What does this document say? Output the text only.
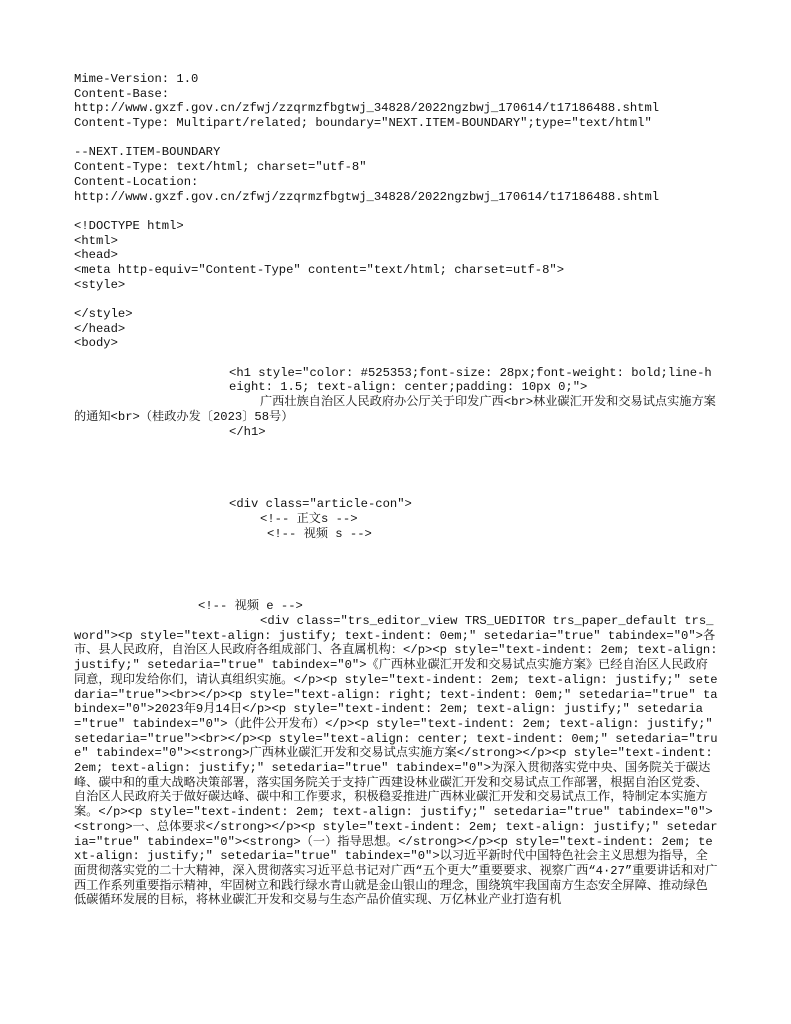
Mime-Version: 1.0
Content-Base:
http://www.gxzf.gov.cn/zfwj/zzqrmzfbgtwj_34828/2022ngzbwj_170614/t17186488.shtml
Content-Type: Multipart/related; boundary="NEXT.ITEM-BOUNDARY";type="text/html"
--NEXT.ITEM-BOUNDARY
Content-Type: text/html; charset="utf-8"
Content-Location:
http://www.gxzf.gov.cn/zfwj/zzqrmzfbgtwj_34828/2022ngzbwj_170614/t17186488.shtml
<!DOCTYPE html>
<html>
<head>
<meta http-equiv="Content-Type" content="text/html; charset=utf-8">
<style>
</style>
</head>
<body>
<h1 style="color: #525353;font-size: 28px;font-weight: bold;line-height: 1.5; text-align: center;padding: 10px 0;">
广西壮族自治区人民政府办公厅关于印发广西<br>林业碳汇开发和交易试点实施方案的通知<br>（桂政办发〔2023〕58号）
</h1>
<div class="article-con">
<!-- 正文s -->
<!-- 视频 s -->
<!-- 视频 e -->
<div class="trs_editor_view TRS_UEDITOR trs_paper_default trs_word"><p style="text-align: justify; text-indent: 0em;" setedaria="true" tabindex="0">各市、县人民政府，自治区人民政府各组成部门、各直属机构：</p><p style="text-indent: 2em; text-align: justify;" setedaria="true" tabindex="0">《广西林业碳汇开发和交易试点实施方案》已经自治区人民政府同意，现印发给你们，请认真组织实施。</p><p style="text-indent: 2em; text-align: justify;" setedaria="true"><br></p><p style="text-align: right; text-indent: 0em;" setedaria="true" tabindex="0">2023年9月14日</p><p style="text-indent: 2em; text-align: justify;" setedaria="true" tabindex="0">（此件公开发布）</p><p style="text-indent: 2em; text-align: justify;" setedaria="true"><br></p><p style="text-align: center; text-indent: 0em;" setedaria="true" tabindex="0"><strong>广西林业碳汇开发和交易试点实施方案</strong></p><p style="text-indent: 2em; text-align: justify;" setedaria="true" tabindex="0">为深入贯彻落实党中央、国务院关于碳达峰、碳中和的重大战略决策部署，落实国务院关于支持广西建设林业碳汇开发和交易试点工作部署，根据自治区党委、自治区人民政府关于做好碳达峰、碳中和工作要求，积极稳妥推进广西林业碳汇开发和交易试点工作，特制定本实施方案。</p><p style="text-indent: 2em; text-align: justify;" setedaria="true" tabindex="0"><strong>一、总体要求</strong></p><p style="text-indent: 2em; text-align: justify;" setedaria="true" tabindex="0"><strong>（一）指导思想。</strong></p><p style="text-indent: 2em; text-align: justify;" setedaria="true" tabindex="0">以习近平新时代中国特色社会主义思想为指导，全面贯彻落实党的二十大精神，深入贯彻落实习近平总书记对广西“五个更大”重要要求、视察广西“4·27”重要讲话和对广西工作系列重要指示精神，牢固树立和践行绿水青山就是金山银山的理念，围绕筑牢我国南方生态安全屏障、推动绿色低碳循环发展的目标，将林业碳汇开发和交易与生态产品价值实现、万亿林业产业打造有机
